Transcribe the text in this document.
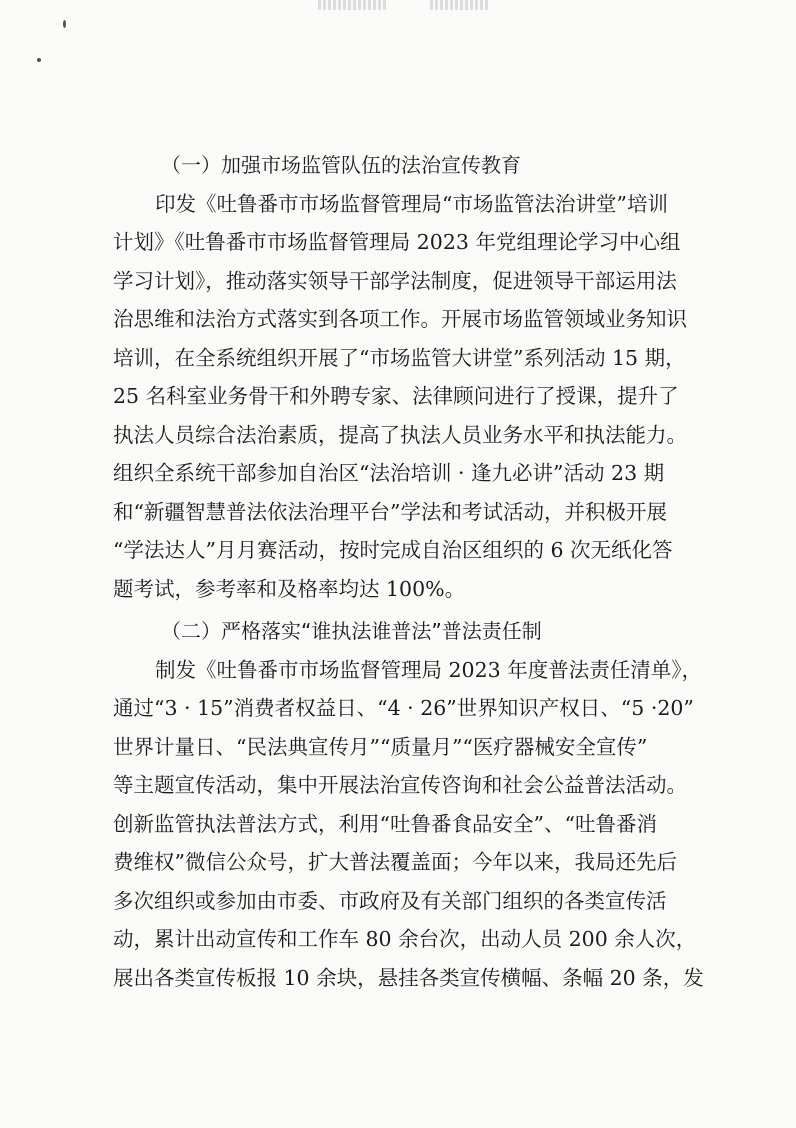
（一）加强市场监管队伍的法治宣传教育
印发《吐鲁番市市场监督管理局“市场监管法治讲堂”培训
计划》《吐鲁番市市场监督管理局 2023 年党组理论学习中心组
学习计划》，推动落实领导干部学法制度，促进领导干部运用法
治思维和法治方式落实到各项工作。开展市场监管领域业务知识
培训，在全系统组织开展了“市场监管大讲堂”系列活动 15 期，
25 名科室业务骨干和外聘专家、法律顾问进行了授课，提升了
执法人员综合法治素质，提高了执法人员业务水平和执法能力。
组织全系统干部参加自治区“法治培训 · 逢九必讲”活动 23 期
和“新疆智慧普法依法治理平台”学法和考试活动，并积极开展
“学法达人”月月赛活动，按时完成自治区组织的 6 次无纸化答
题考试，参考率和及格率均达 100%。
（二）严格落实“谁执法谁普法”普法责任制
制发《吐鲁番市市场监督管理局 2023 年度普法责任清单》，
通过“3 · 15”消费者权益日、“4 · 26”世界知识产权日、“5 ·20”
世界计量日、“民法典宣传月”“质量月”“医疗器械安全宣传”
等主题宣传活动，集中开展法治宣传咨询和社会公益普法活动。
创新监管执法普法方式，利用“吐鲁番食品安全”、“吐鲁番消
费维权”微信公众号，扩大普法覆盖面；今年以来，我局还先后
多次组织或参加由市委、市政府及有关部门组织的各类宣传活
动，累计出动宣传和工作车 80 余台次，出动人员 200 余人次，
展出各类宣传板报 10 余块，悬挂各类宣传横幅、条幅 20 条，发
